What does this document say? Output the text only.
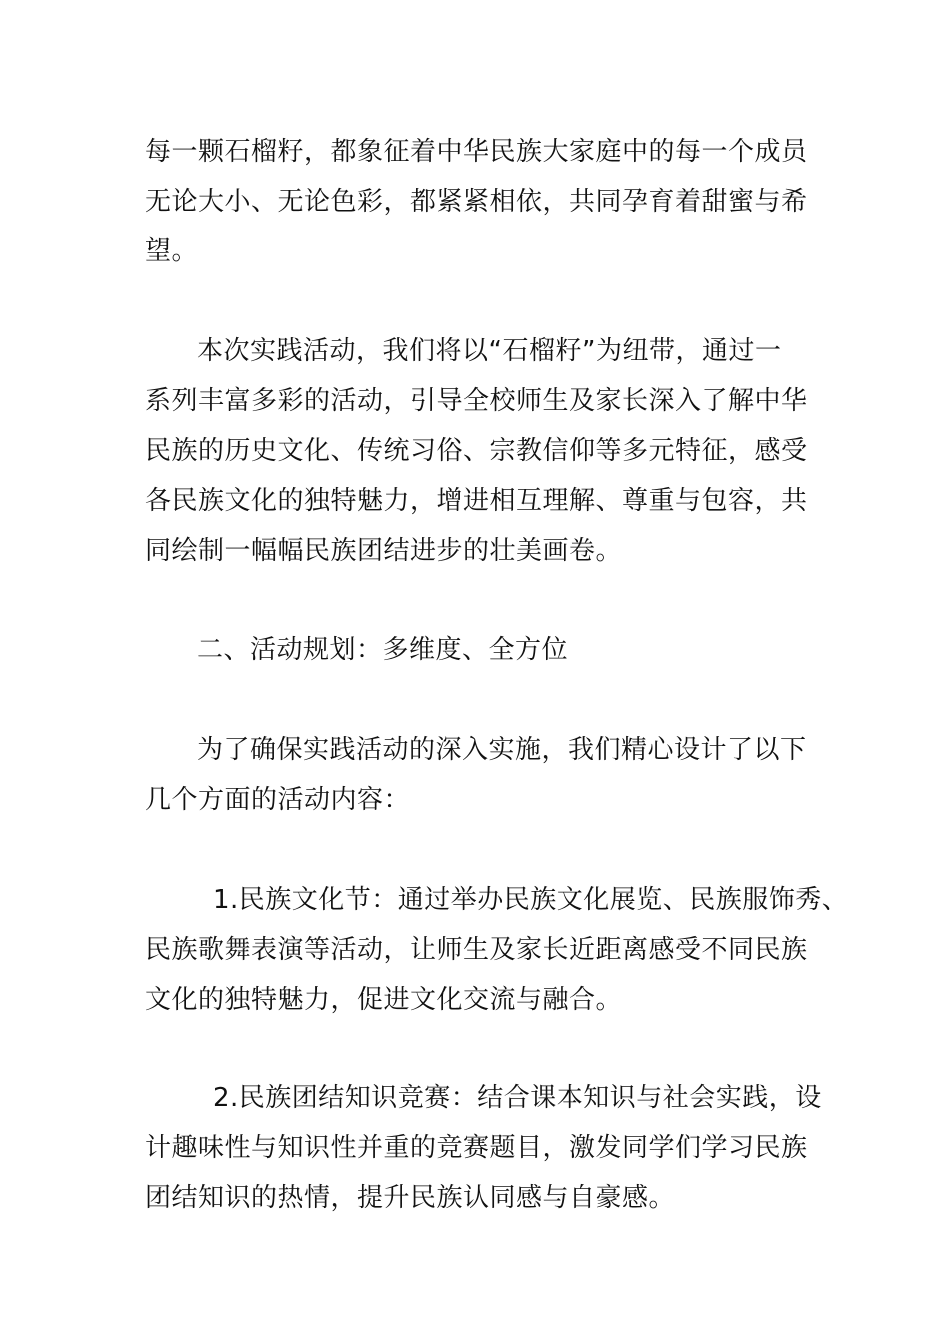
每一颗石榴籽，都象征着中华民族大家庭中的每一个成员
无论大小、无论色彩，都紧紧相依，共同孕育着甜蜜与希
望。
本次实践活动，我们将以“石榴籽”为纽带，通过一
系列丰富多彩的活动，引导全校师生及家长深入了解中华
民族的历史文化、传统习俗、宗教信仰等多元特征，感受
各民族文化的独特魅力，增进相互理解、尊重与包容，共
同绘制一幅幅民族团结进步的壮美画卷。
二、活动规划：多维度、全方位
为了确保实践活动的深入实施，我们精心设计了以下
几个方面的活动内容：
1.民族文化节：通过举办民族文化展览、民族服饰秀、
民族歌舞表演等活动，让师生及家长近距离感受不同民族
文化的独特魅力，促进文化交流与融合。
2.民族团结知识竞赛：结合课本知识与社会实践，设
计趣味性与知识性并重的竞赛题目，激发同学们学习民族
团结知识的热情，提升民族认同感与自豪感。
